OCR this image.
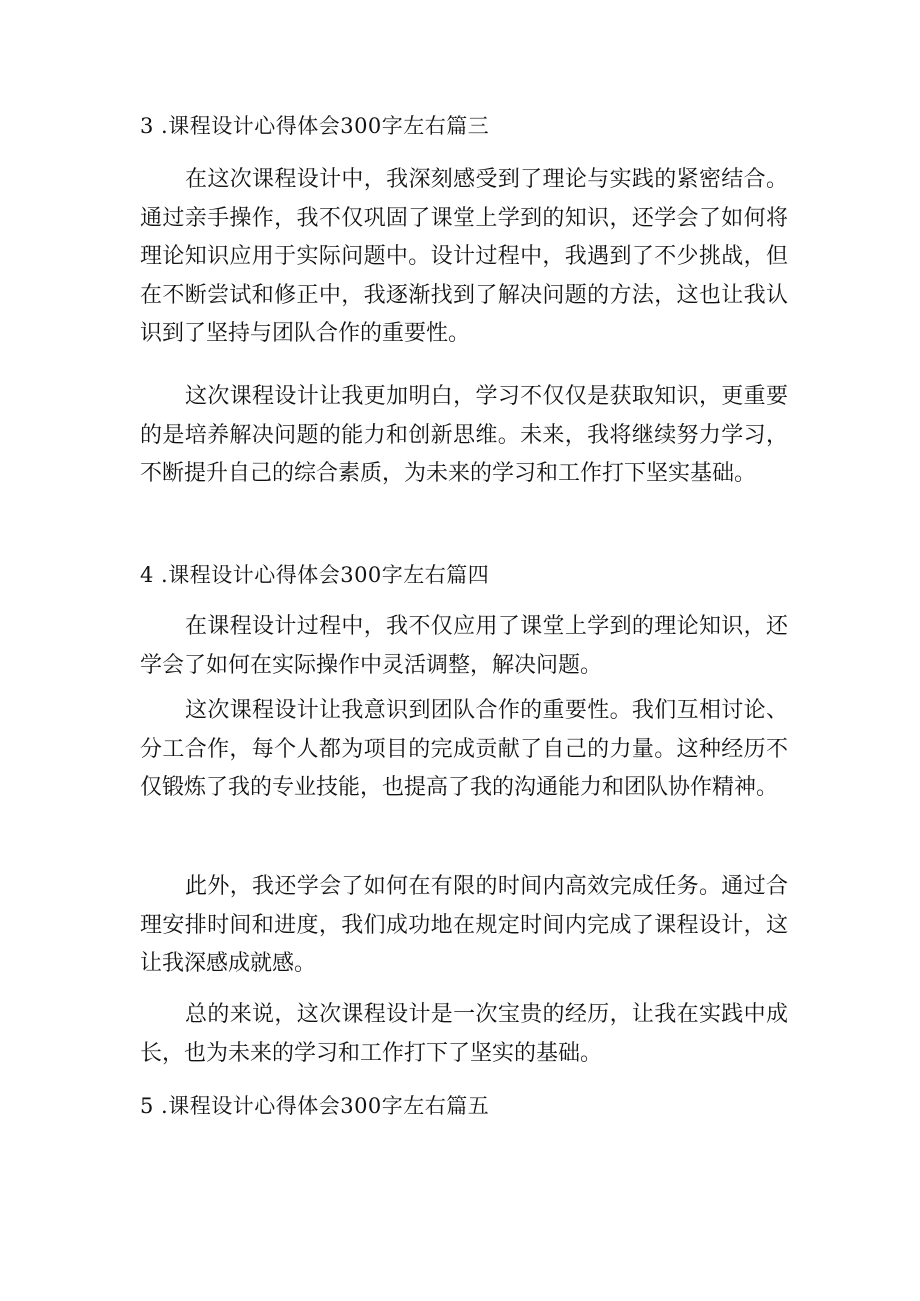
3 .课程设计心得体会300字左右篇三

在这次课程设计中，我深刻感受到了理论与实践的紧密结合。通过亲手操作，我不仅巩固了课堂上学到的知识，还学会了如何将理论知识应用于实际问题中。设计过程中，我遇到了不少挑战，但在不断尝试和修正中，我逐渐找到了解决问题的方法，这也让我认识到了坚持与团队合作的重要性。

这次课程设计让我更加明白，学习不仅仅是获取知识，更重要的是培养解决问题的能力和创新思维。未来，我将继续努力学习，不断提升自己的综合素质，为未来的学习和工作打下坚实基础。

4 .课程设计心得体会300字左右篇四

在课程设计过程中，我不仅应用了课堂上学到的理论知识，还学会了如何在实际操作中灵活调整，解决问题。

这次课程设计让我意识到团队合作的重要性。我们互相讨论、分工合作，每个人都为项目的完成贡献了自己的力量。这种经历不仅锻炼了我的专业技能，也提高了我的沟通能力和团队协作精神。

此外，我还学会了如何在有限的时间内高效完成任务。通过合理安排时间和进度，我们成功地在规定时间内完成了课程设计，这让我深感成就感。

总的来说，这次课程设计是一次宝贵的经历，让我在实践中成长，也为未来的学习和工作打下了坚实的基础。

5 .课程设计心得体会300字左右篇五
